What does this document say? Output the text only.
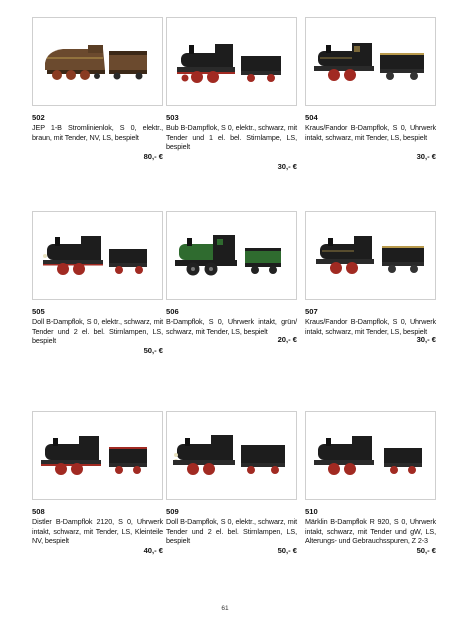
502
JEP 1-B Stromlinienlok, S 0, elektr., braun, mit Tender, NV, LS, bespielt
80,- €
503
Bub B-Dampflok, S 0, elektr., schwarz, mit Tender und 1 el. bel. Stirnlampe, LS, bespielt
30,- €
504
Kraus/Fandor B-Dampflok, S 0, Uhrwerk intakt, schwarz, mit Tender, LS, bespielt
30,- €
505
Doll B-Dampflok, S 0, elektr., schwarz, mit Tender und 2 el. bel. Stirnlampen, LS, bespielt
50,- €
506
B-Dampflok, S 0, Uhrwerk intakt, grün/ schwarz, mit Tender, LS, bespielt
20,- €
507
Kraus/Fandor B-Dampflok, S 0, Uhrwerk intakt, schwarz, mit Tender, LS, bespielt
30,- €
508
Distler B-Dampflok 2120, S 0, Uhrwerk intakt, schwarz, mit Tender, LS, Kleinteile NV, bespielt
40,- €
509
Doll B-Dampflok, S 0, elektr., schwarz, mit Tender und 2 el. bel. Stirnlampen, LS, bespielt
50,- €
510
Märklin B-Dampflok R 920, S 0, Uhrwerk intakt, schwarz, mit Tender und gW, LS, Alterungs- und Gebrauchsspuren, Z 2-3
50,- €
61
